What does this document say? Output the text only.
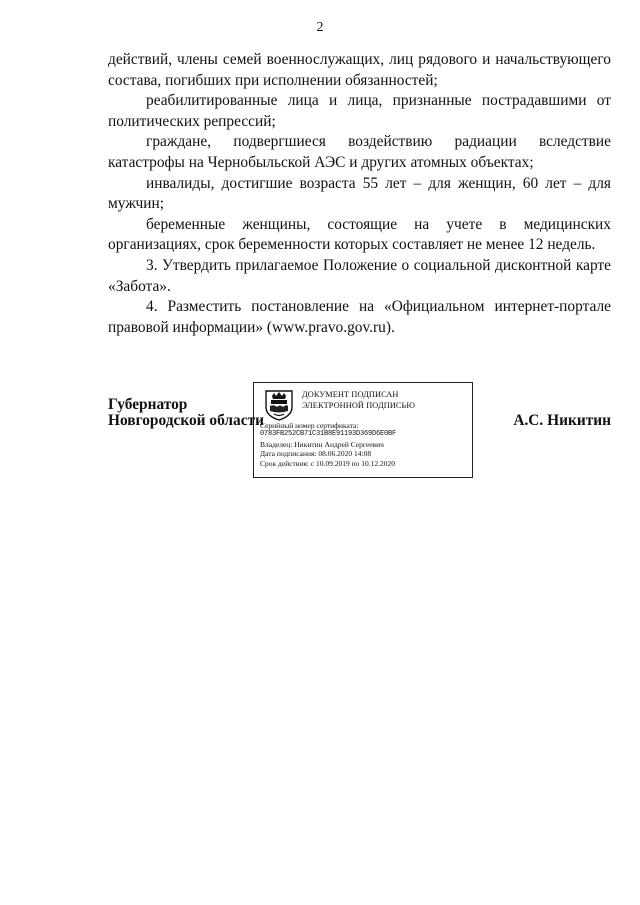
2

действий, члены семей военнослужащих, лиц рядового и начальствующего состава, погибших при исполнении обязанностей;

реабилитированные лица и лица, признанные пострадавшими от политических репрессий;

граждане, подвергшиеся воздействию радиации вследствие катастрофы на Чернобыльской АЭС и других атомных объектах;

инвалиды, достигшие возраста 55 лет – для женщин, 60 лет – для мужчин;

беременные женщины, состоящие на учете в медицинских организациях, срок беременности которых составляет не менее 12 недель.

3. Утвердить прилагаемое Положение о социальной дисконтной карте «Забота».

4. Разместить постановление на «Официальном интернет-портале правовой информации» (www.pravo.gov.ru).

Губернатор
Новгородской области
ДОКУМЕНТ ПОДПИСАН
ЭЛЕКТРОННОЙ ПОДПИСЬЮ
Серийный номер сертификата:
0783FB252CB71C31B8E91193D369D6E0BF
Владелец: Никитин Андрей Сергеевич
Дата подписания: 08.06.2020 14:08
Срок действия: с 10.09.2019 по 10.12.2020
А.С. Никитин
